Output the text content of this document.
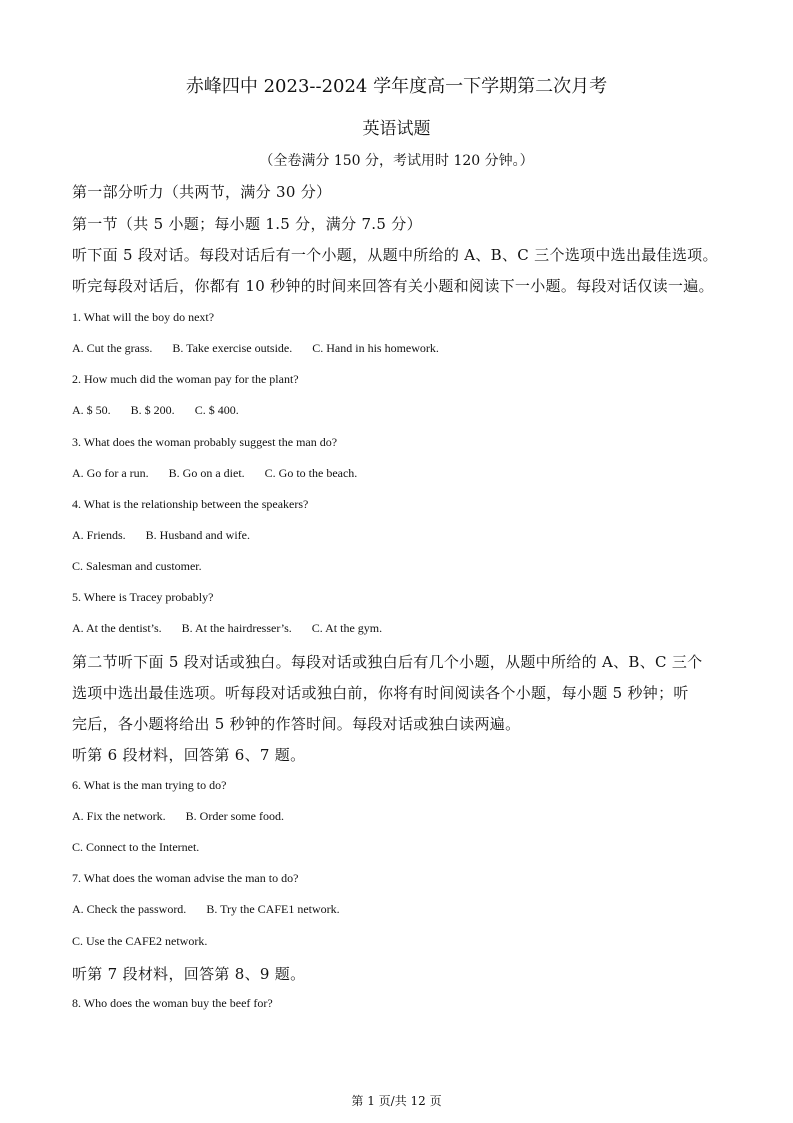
赤峰四中 2023--2024 学年度高一下学期第二次月考
英语试题
（全卷满分 150 分，考试用时 120 分钟。）
第一部分听力（共两节，满分 30 分）
第一节（共 5 小题；每小题 1.5 分，满分 7.5 分）
听下面 5 段对话。每段对话后有一个小题，从题中所给的 A、B、C 三个选项中选出最佳选项。
听完每段对话后，你都有 10 秒钟的时间来回答有关小题和阅读下一小题。每段对话仅读一遍。
1. What will the boy do next?
A. Cut the grass. B. Take exercise outside. C. Hand in his homework.
2. How much did the woman pay for the plant?
A. $ 50. B. $ 200. C. $ 400.
3. What does the woman probably suggest the man do?
A. Go for a run. B. Go on a diet. C. Go to the beach.
4. What is the relationship between the speakers?
A. Friends. B. Husband and wife.
C. Salesman and customer.
5. Where is Tracey probably?
A. At the dentist’s. B. At the hairdresser’s. C. At the gym.
第二节听下面 5 段对话或独白。每段对话或独白后有几个小题，从题中所给的 A、B、C 三个
选项中选出最佳选项。听每段对话或独白前，你将有时间阅读各个小题，每小题 5 秒钟；听
完后，各小题将给出 5 秒钟的作答时间。每段对话或独白读两遍。
听第 6 段材料，回答第 6、7 题。
6. What is the man trying to do?
A. Fix the network. B. Order some food.
C. Connect to the Internet.
7. What does the woman advise the man to do?
A. Check the password. B. Try the CAFE1 network.
C. Use the CAFE2 network.
听第 7 段材料，回答第 8、9 题。
8. Who does the woman buy the beef for?
第 1 页/共 12 页
